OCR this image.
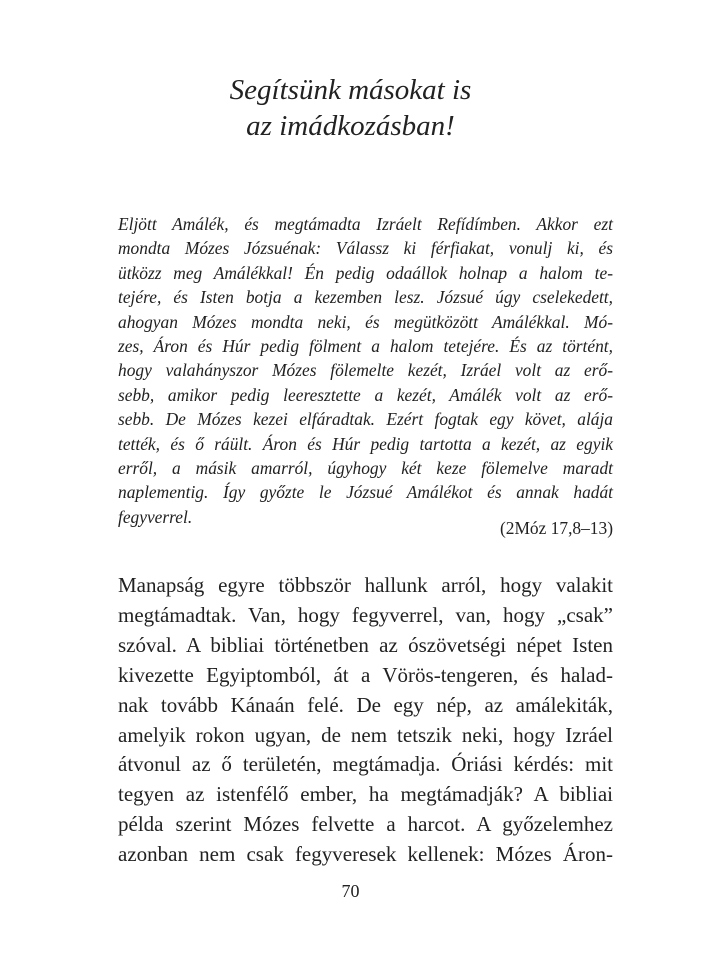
Segítsünk másokat is
az imádkozásban!
Eljött Amálék, és megtámadta Izráelt Refídímben. Akkor ezt
mondta Mózes Józsuénak: Válassz ki férfiakat, vonulj ki, és
ütközz meg Amálékkal! Én pedig odaállok holnap a halom te-
tejére, és Isten botja a kezemben lesz. Józsué úgy cselekedett,
ahogyan Mózes mondta neki, és megütközött Amálékkal. Mó-
zes, Áron és Húr pedig fölment a halom tetejére. És az történt,
hogy valahányszor Mózes fölemelte kezét, Izráel volt az erő-
sebb, amikor pedig leeresztette a kezét, Amálék volt az erő-
sebb. De Mózes kezei elfáradtak. Ezért fogtak egy követ, alája
tették, és ő ráült. Áron és Húr pedig tartotta a kezét, az egyik
erről, a másik amarról, úgyhogy két keze fölemelve maradt
naplementig. Így győzte le Józsué Amálékot és annak hadát
fegyverrel.
(2Móz 17,8–13)
Manapság egyre többször hallunk arról, hogy valakit
megtámadtak. Van, hogy fegyverrel, van, hogy „csak”
szóval. A bibliai történetben az ószövetségi népet Isten
kivezette Egyiptomból, át a Vörös-tengeren, és halad-
nak tovább Kánaán felé. De egy nép, az amálekiták,
amelyik rokon ugyan, de nem tetszik neki, hogy Izráel
átvonul az ő területén, megtámadja. Óriási kérdés: mit
tegyen az istenfélő ember, ha megtámadják? A bibliai
példa szerint Mózes felvette a harcot. A győzelemhez
azonban nem csak fegyveresek kellenek: Mózes Áron-
70
